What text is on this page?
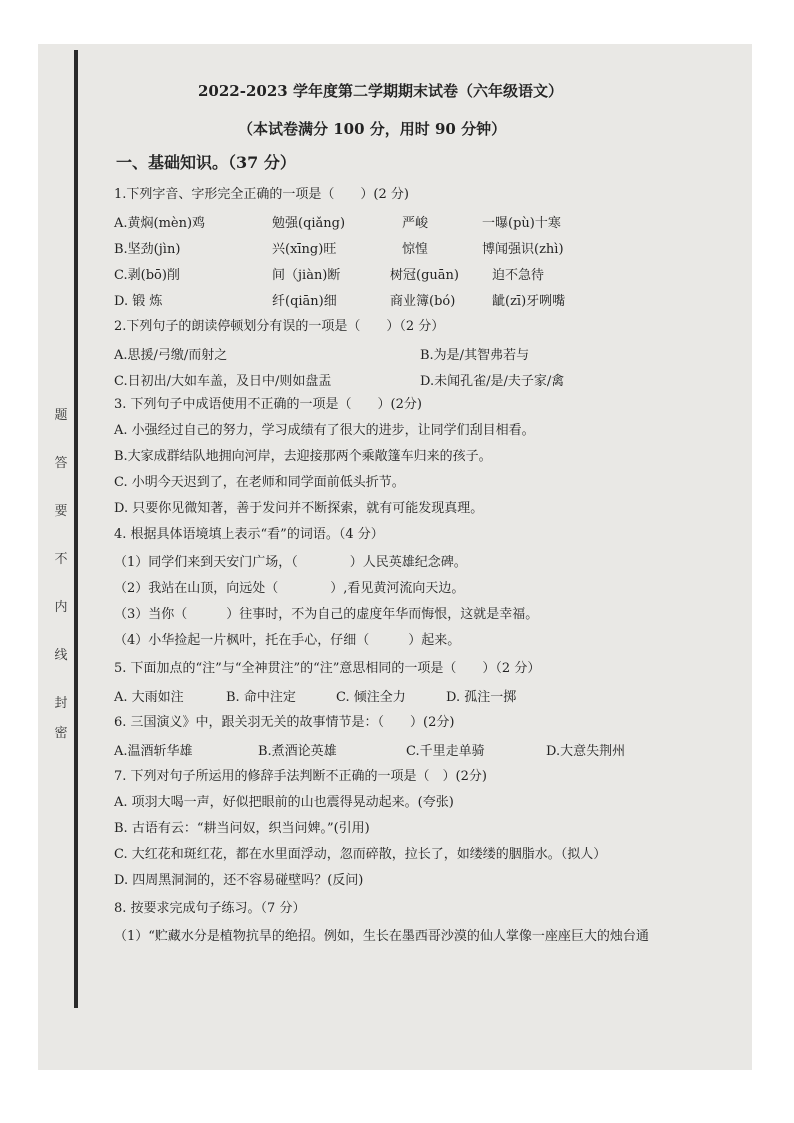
题
答
要
不
内
线
封
密
2022-2023 学年度第二学期期末试卷（六年级语文）
（本试卷满分 100 分，用时 90 分钟）
一、基础知识。（37 分）
1.下列字音、字形完全正确的一项是（　　）(2 分)
A.黄焖(mèn)鸡	勉强(qiǎng)	严峻	一曝(pù)十寒
B.坚劲(jìn)	兴(xīng)旺	惊惶	博闻强识(zhì)
C.剥(bō)削	间（jiàn)断	树冠(guān)	迫不急待
D. 锻 炼	纤(qiān)细	商业簿(bó)	龇(zī)牙咧嘴
2.下列句子的朗读停顿划分有误的一项是（　　）（2 分）
A.思援/弓缴/而射之	B.为是/其智弗若与
C.日初出/大如车盖，及日中/则如盘盂	D.未闻孔雀/是/夫子家/禽
3. 下列句子中成语使用不正确的一项是（　　）(2分)
A. 小强经过自己的努力，学习成绩有了很大的进步，让同学们刮目相看。
B.大家成群结队地拥向河岸，去迎接那两个乘敞篷车归来的孩子。
C. 小明今天迟到了，在老师和同学面前低头折节。
D. 只要你见微知著，善于发问并不断探索，就有可能发现真理。
4. 根据具体语境填上表示“看”的词语。（4 分）
（1）同学们来到天安门广场，（　　　　）人民英雄纪念碑。
（2）我站在山顶，向远处（　　　　）,看见黄河流向天边。
（3）当你（　　　）往事时，不为自己的虚度年华而悔恨，这就是幸福。
（4）小华捡起一片枫叶，托在手心，仔细（　　　）起来。
5. 下面加点的“注”与“全神贯注”的“注”意思相同的一项是（　　）（2 分）
A. 大雨如注	B. 命中注定	C. 倾注全力	D. 孤注一掷
6. 三国演义》中，跟关羽无关的故事情节是：（　　）(2分)
A.温酒斩华雄	B.煮酒论英雄	C.千里走单骑	D.大意失荆州
7. 下列对句子所运用的修辞手法判断不正确的一项是（　）(2分)
A. 项羽大喝一声，好似把眼前的山也震得晃动起来。(夸张)
B. 古语有云：“耕当问奴，织当问婢。”(引用)
C. 大红花和斑红花，都在水里面浮动，忽而碎散，拉长了，如缕缕的胭脂水。（拟人）
D. 四周黑洞洞的，还不容易碰壁吗？(反问)
8. 按要求完成句子练习。（7 分）
（1）“贮藏水分是植物抗旱的绝招。例如，生长在墨西哥沙漠的仙人掌像一座座巨大的烛台通
